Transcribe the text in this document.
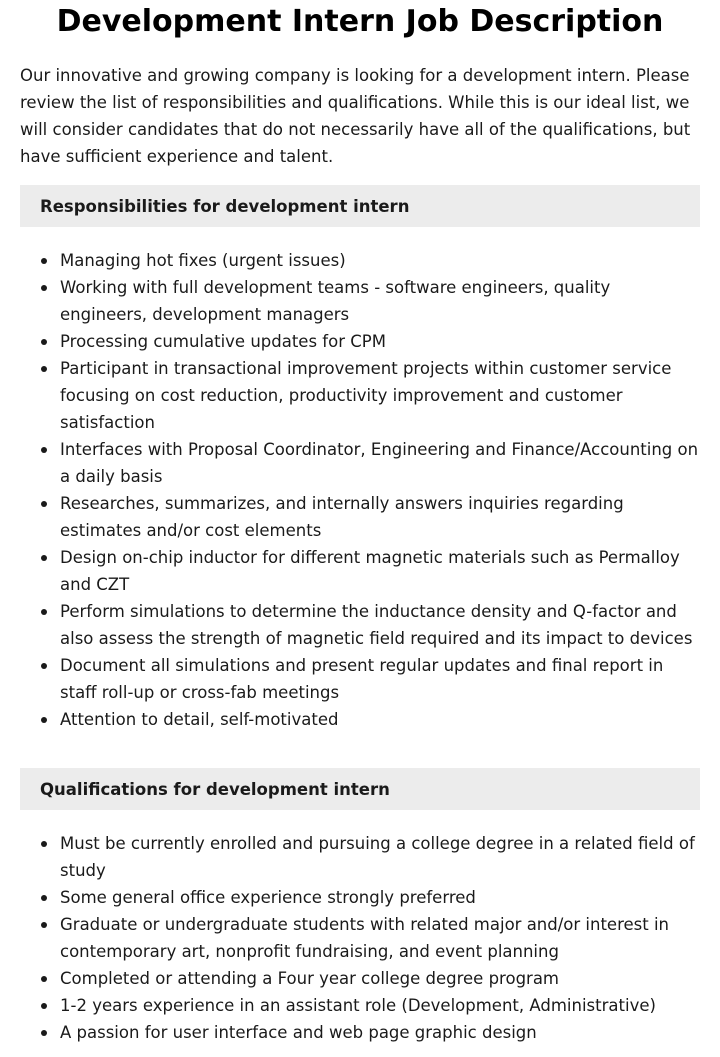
Development Intern Job Description

Our innovative and growing company is looking for a development intern. Please review the list of responsibilities and qualifications. While this is our ideal list, we will consider candidates that do not necessarily have all of the qualifications, but have sufficient experience and talent.

Responsibilities for development intern
Managing hot fixes (urgent issues)
Working with full development teams - software engineers, quality engineers, development managers
Processing cumulative updates for CPM
Participant in transactional improvement projects within customer service focusing on cost reduction, productivity improvement and customer satisfaction
Interfaces with Proposal Coordinator, Engineering and Finance/Accounting on a daily basis
Researches, summarizes, and internally answers inquiries regarding estimates and/or cost elements
Design on-chip inductor for different magnetic materials such as Permalloy and CZT
Perform simulations to determine the inductance density and Q-factor and also assess the strength of magnetic field required and its impact to devices
Document all simulations and present regular updates and final report in staff roll-up or cross-fab meetings
Attention to detail, self-motivated
Qualifications for development intern
Must be currently enrolled and pursuing a college degree in a related field of study
Some general office experience strongly preferred
Graduate or undergraduate students with related major and/or interest in contemporary art, nonprofit fundraising, and event planning
Completed or attending a Four year college degree program
1-2 years experience in an assistant role (Development, Administrative)
A passion for user interface and web page graphic design
